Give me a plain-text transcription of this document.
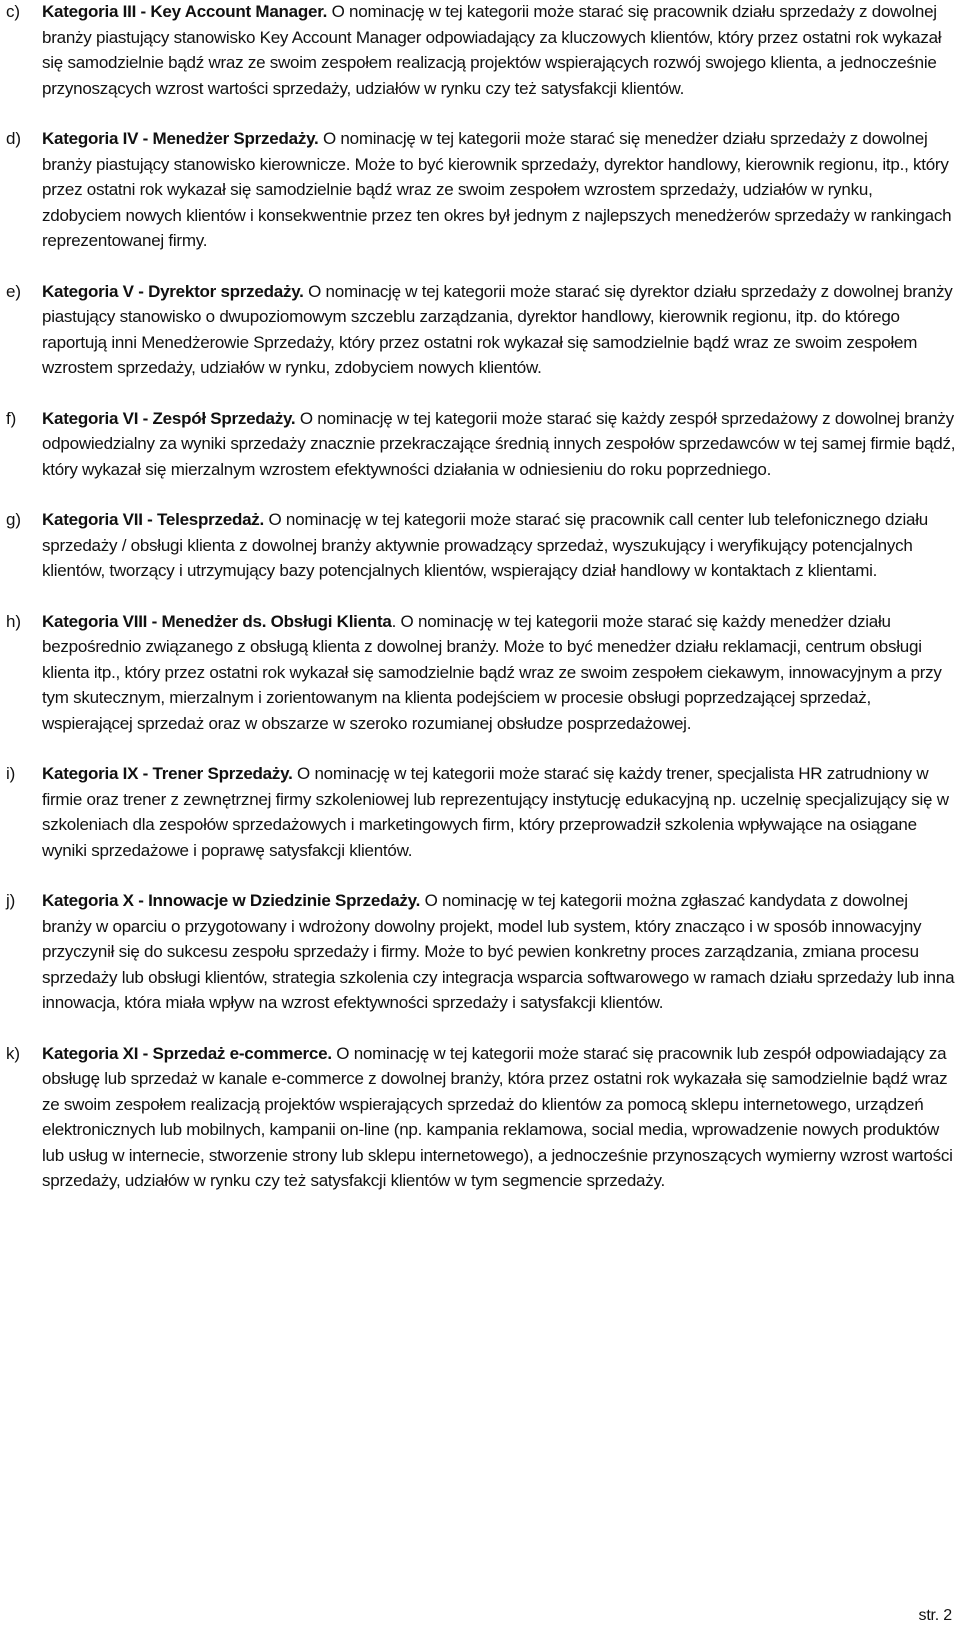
c)	Kategoria III - Key Account Manager. O nominację w tej kategorii może starać się pracownik działu sprzedaży z dowolnej branży piastujący stanowisko Key Account Manager odpowiadający za kluczowych klientów, który przez ostatni rok wykazał się samodzielnie bądź wraz ze swoim zespołem realizacją projektów wspierających rozwój swojego klienta, a jednocześnie przynoszących wzrost wartości sprzedaży, udziałów w rynku czy też satysfakcji klientów.
d)	Kategoria IV - Menedżer Sprzedaży. O nominację w tej kategorii może starać się menedżer działu sprzedaży z dowolnej branży piastujący stanowisko kierownicze. Może to być kierownik sprzedaży, dyrektor handlowy, kierownik regionu, itp., który przez ostatni rok wykazał się samodzielnie bądź wraz ze swoim zespołem wzrostem sprzedaży, udziałów w rynku, zdobyciem nowych klientów i konsekwentnie przez ten okres był jednym z najlepszych menedżerów sprzedaży w rankingach reprezentowanej firmy.
e)	Kategoria V - Dyrektor sprzedaży. O nominację w tej kategorii może starać się dyrektor działu sprzedaży z dowolnej branży piastujący stanowisko o dwupoziomowym szczeblu zarządzania, dyrektor handlowy, kierownik regionu, itp. do którego raportują inni Menedżerowie Sprzedaży, który przez ostatni rok wykazał się samodzielnie bądź wraz ze swoim zespołem wzrostem sprzedaży, udziałów w rynku, zdobyciem nowych klientów.
f)	Kategoria VI - Zespół Sprzedaży. O nominację w tej kategorii może starać się każdy zespół sprzedażowy z dowolnej branży odpowiedzialny za wyniki sprzedaży znacznie przekraczające średnią innych zespołów sprzedawców w tej samej firmie bądź, który wykazał się mierzalnym wzrostem efektywności działania w odniesieniu do roku poprzedniego.
g)	Kategoria VII - Telesprzedaż. O nominację w tej kategorii może starać się pracownik call center lub telefonicznego działu sprzedaży / obsługi klienta z dowolnej branży aktywnie prowadzący sprzedaż, wyszukujący i weryfikujący potencjalnych klientów, tworzący i utrzymujący bazy potencjalnych klientów, wspierający dział handlowy w kontaktach z klientami.
h)	Kategoria VIII - Menedżer ds. Obsługi Klienta. O nominację w tej kategorii może starać się każdy menedżer działu bezpośrednio związanego z obsługą klienta z dowolnej branży. Może to być menedżer działu reklamacji, centrum obsługi klienta itp., który przez ostatni rok wykazał się samodzielnie bądź wraz ze swoim zespołem ciekawym, innowacyjnym a przy tym skutecznym, mierzalnym i zorientowanym na klienta podejściem w procesie obsługi poprzedzającej sprzedaż, wspierającej sprzedaż oraz w obszarze w szeroko rozumianej obsłudze posprzedażowej.
i)	Kategoria IX - Trener Sprzedaży. O nominację w tej kategorii może starać się każdy trener, specjalista HR zatrudniony w firmie oraz trener z zewnętrznej firmy szkoleniowej lub reprezentujący instytucję edukacyjną np. uczelnię specjalizujący się w szkoleniach dla zespołów sprzedażowych i marketingowych firm, który przeprowadził szkolenia wpływające na osiągane wyniki sprzedażowe i poprawę satysfakcji klientów.
j)	Kategoria X - Innowacje w Dziedzinie Sprzedaży. O nominację w tej kategorii można zgłaszać kandydata z dowolnej branży w oparciu o przygotowany i wdrożony dowolny projekt, model lub system, który znacząco i w sposób innowacyjny przyczynił się do sukcesu zespołu sprzedaży i firmy. Może to być pewien konkretny proces zarządzania, zmiana procesu sprzedaży lub obsługi klientów, strategia szkolenia czy integracja wsparcia softwarowego w ramach działu sprzedaży lub inna innowacja, która miała wpływ na wzrost efektywności sprzedaży i satysfakcji klientów.
k)	Kategoria XI - Sprzedaż e-commerce. O nominację w tej kategorii może starać się pracownik lub zespół odpowiadający za obsługę lub sprzedaż w kanale e-commerce z dowolnej branży, która przez ostatni rok wykazała się samodzielnie bądź wraz ze swoim zespołem realizacją projektów wspierających sprzedaż do klientów za pomocą sklepu internetowego, urządzeń elektronicznych lub mobilnych, kampanii on-line (np. kampania reklamowa, social media, wprowadzenie nowych produktów lub usług w internecie, stworzenie strony lub sklepu internetowego), a jednocześnie przynoszących wymierny wzrost wartości sprzedaży, udziałów w rynku czy też satysfakcji klientów w tym segmencie sprzedaży.
str. 2
